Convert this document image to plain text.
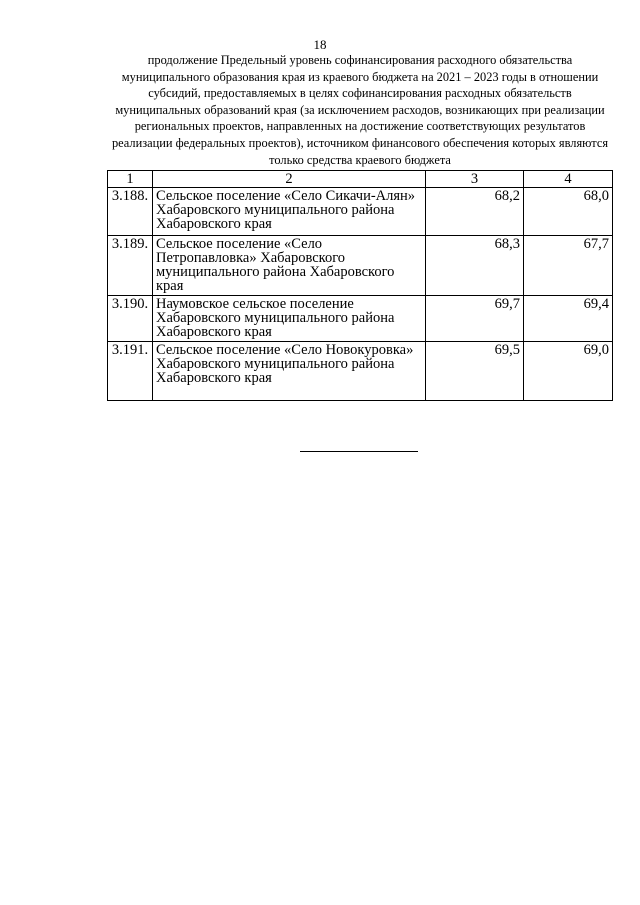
18
продолжение Предельный уровень софинансирования расходного обязательства муниципального образования края из краевого бюджета на 2021 – 2023 годы в отношении субсидий, предоставляемых в целях софинансирования расходных обязательств муниципальных образований края (за исключением расходов, возникающих при реализации региональных проектов, направленных на достижение соответствующих результатов реализации федеральных проектов), источником финансового обеспечения которых являются только средства краевого бюджета
1	2	3	4
3.188.	Сельское поселение «Село Сикачи-Алян» Хабаровского муниципального района Хабаровского края	68,2	68,0
3.189.	Сельское поселение «Село Петропавловка» Хабаровского муниципального района Хабаровского края	68,3	67,7
3.190.	Наумовское сельское поселение Хабаровского муниципального района Хабаровского края	69,7	69,4
3.191.	Сельское поселение «Село Новокуровка» Хабаровского муниципального района Хабаровского края	69,5	69,0
